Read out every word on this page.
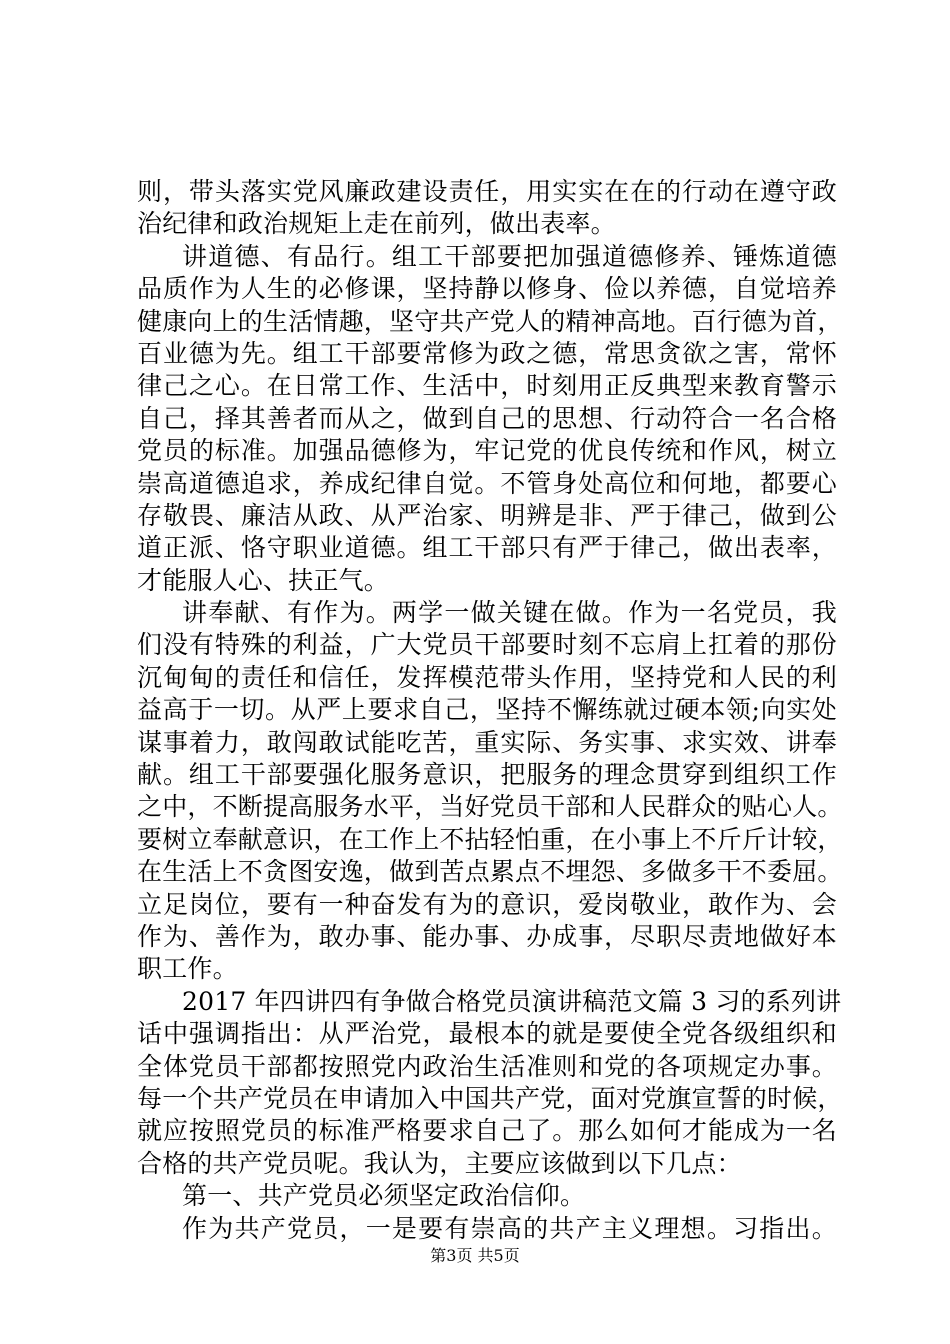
则，带头落实党风廉政建设责任，用实实在在的行动在遵守政
治纪律和政治规矩上走在前列，做出表率。
讲道德、有品行。组工干部要把加强道德修养、锤炼道德
品质作为人生的必修课，坚持静以修身、俭以养德，自觉培养
健康向上的生活情趣，坚守共产党人的精神高地。百行德为首，
百业德为先。组工干部要常修为政之德，常思贪欲之害，常怀
律己之心。在日常工作、生活中，时刻用正反典型来教育警示
自己，择其善者而从之，做到自己的思想、行动符合一名合格
党员的标准。加强品德修为，牢记党的优良传统和作风，树立
崇高道德追求，养成纪律自觉。不管身处高位和何地，都要心
存敬畏、廉洁从政、从严治家、明辨是非、严于律己，做到公
道正派、恪守职业道德。组工干部只有严于律己，做出表率，
才能服人心、扶正气。
讲奉献、有作为。两学一做关键在做。作为一名党员，我
们没有特殊的利益，广大党员干部要时刻不忘肩上扛着的那份
沉甸甸的责任和信任，发挥模范带头作用，坚持党和人民的利
益高于一切。从严上要求自己，坚持不懈练就过硬本领;向实处
谋事着力，敢闯敢试能吃苦，重实际、务实事、求实效、讲奉
献。组工干部要强化服务意识，把服务的理念贯穿到组织工作
之中，不断提高服务水平，当好党员干部和人民群众的贴心人。
要树立奉献意识，在工作上不拈轻怕重，在小事上不斤斤计较，
在生活上不贪图安逸，做到苦点累点不埋怨、多做多干不委屈。
立足岗位，要有一种奋发有为的意识，爱岗敬业，敢作为、会
作为、善作为，敢办事、能办事、办成事，尽职尽责地做好本
职工作。
2017 年四讲四有争做合格党员演讲稿范文篇 3 习的系列讲
话中强调指出：从严治党，最根本的就是要使全党各级组织和
全体党员干部都按照党内政治生活准则和党的各项规定办事。
每一个共产党员在申请加入中国共产党，面对党旗宣誓的时候，
就应按照党员的标准严格要求自己了。那么如何才能成为一名
合格的共产党员呢。我认为，主要应该做到以下几点：
第一、共产党员必须坚定政治信仰。
作为共产党员，一是要有崇高的共产主义理想。习指出。
第3页 共5页
